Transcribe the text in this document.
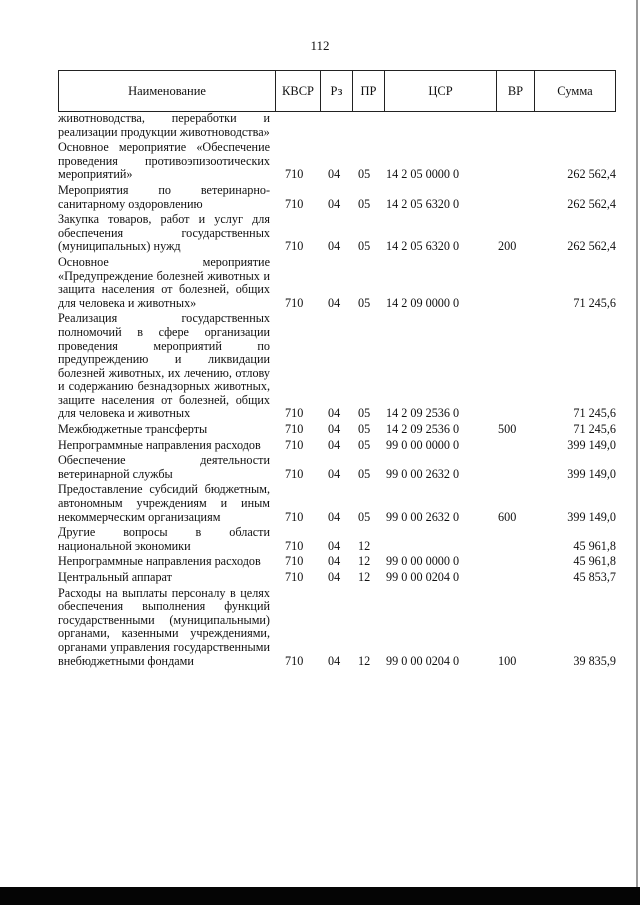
112
Наименование	КВСР	Рз	ПР	ЦСР	ВР	Сумма
животноводства, переработки и реализации продукции животноводства»
Основное мероприятие «Обеспечение проведения противоэпизоотических мероприятий»	710	04	05	14 2 05 0000 0	262 562,4
Мероприятия по ветеринарно-санитарному оздоровлению	710	04	05	14 2 05 6320 0	262 562,4
Закупка товаров, работ и услуг для обеспечения государственных (муниципальных) нужд	710	04	05	14 2 05 6320 0	200	262 562,4
Основное мероприятие «Предупреждение болезней животных и защита населения от болезней, общих для человека и животных»	710	04	05	14 2 09 0000 0	71 245,6
Реализация государственных полномочий в сфере организации проведения мероприятий по предупреждению и ликвидации болезней животных, их лечению, отлову и содержанию безнадзорных животных, защите населения от болезней, общих для человека и животных	710	04	05	14 2 09 2536 0	71 245,6
Межбюджетные трансферты	710	04	05	14 2 09 2536 0	500	71 245,6
Непрограммные направления расходов	710	04	05	99 0 00 0000 0	399 149,0
Обеспечение деятельности ветеринарной службы	710	04	05	99 0 00 2632 0	399 149,0
Предоставление субсидий бюджетным, автономным учреждениям и иным некоммерческим организациям	710	04	05	99 0 00 2632 0	600	399 149,0
Другие вопросы в области национальной экономики	710	04	12	45 961,8
Непрограммные направления расходов	710	04	12	99 0 00 0000 0	45 961,8
Центральный аппарат	710	04	12	99 0 00 0204 0	45 853,7
Расходы на выплаты персоналу в целях обеспечения выполнения функций государственными (муниципальными) органами, казенными учреждениями, органами управления государственными внебюджетными фондами	710	04	12	99 0 00 0204 0	100	39 835,9
